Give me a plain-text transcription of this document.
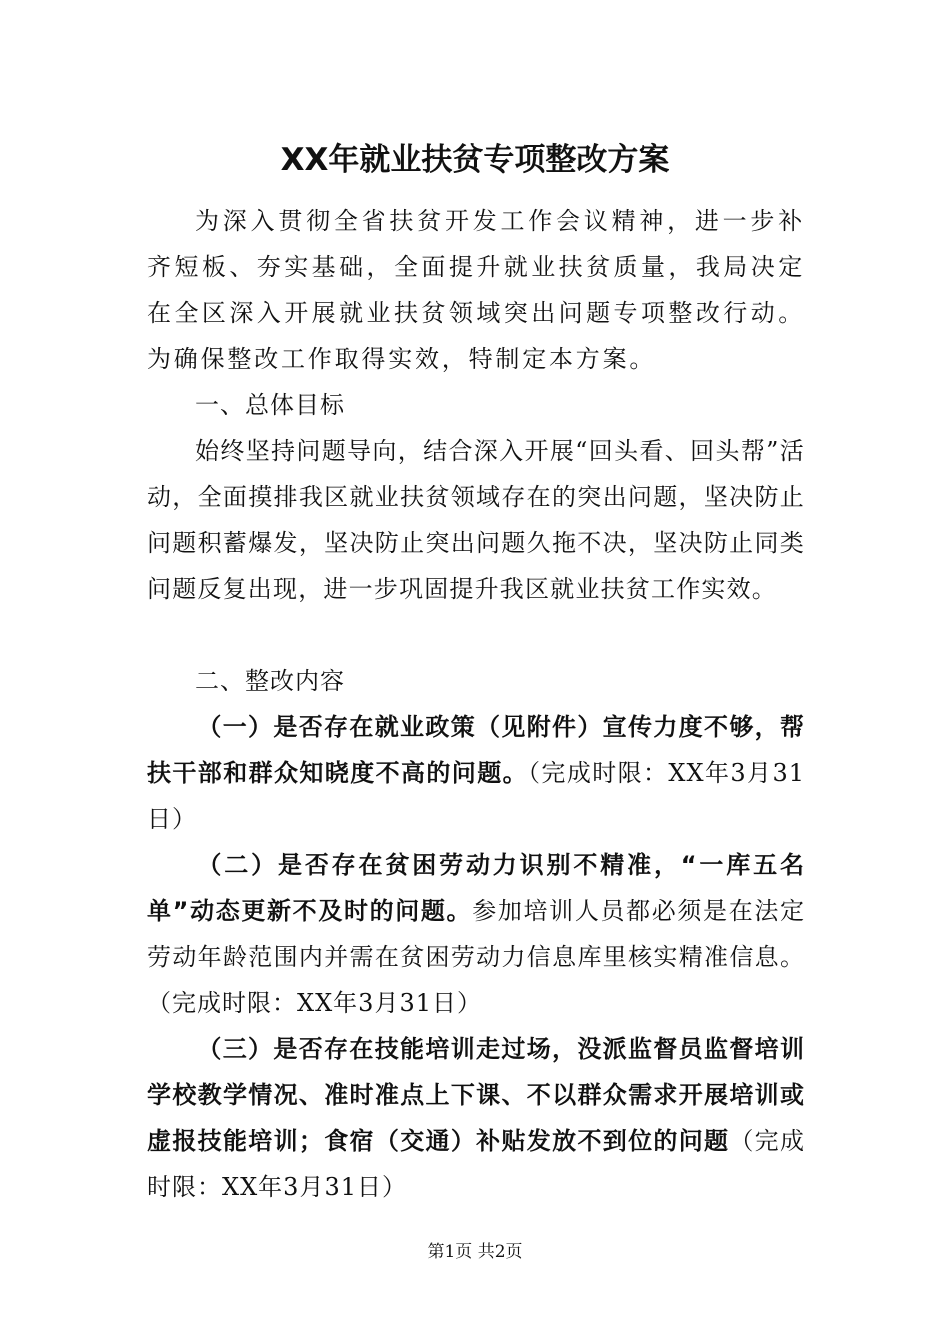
XX年就业扶贫专项整改方案

为深入贯彻全省扶贫开发工作会议精神，进一步补齐短板、夯实基础，全面提升就业扶贫质量，我局决定在全区深入开展就业扶贫领域突出问题专项整改行动。为确保整改工作取得实效，特制定本方案。

一、总体目标

始终坚持问题导向，结合深入开展“回头看、回头帮”活动，全面摸排我区就业扶贫领域存在的突出问题，坚决防止问题积蓄爆发，坚决防止突出问题久拖不决，坚决防止同类问题反复出现，进一步巩固提升我区就业扶贫工作实效。

二、整改内容

（一）是否存在就业政策（见附件）宣传力度不够，帮扶干部和群众知晓度不高的问题。（完成时限：XX年3月31日）

（二）是否存在贫困劳动力识别不精准，“一库五名单”动态更新不及时的问题。参加培训人员都必须是在法定劳动年龄范围内并需在贫困劳动力信息库里核实精准信息。（完成时限：XX年3月31日）

（三）是否存在技能培训走过场，没派监督员监督培训学校教学情况、准时准点上下课、不以群众需求开展培训或虚报技能培训；食宿（交通）补贴发放不到位的问题（完成时限：XX年3月31日）

第1页 共2页
